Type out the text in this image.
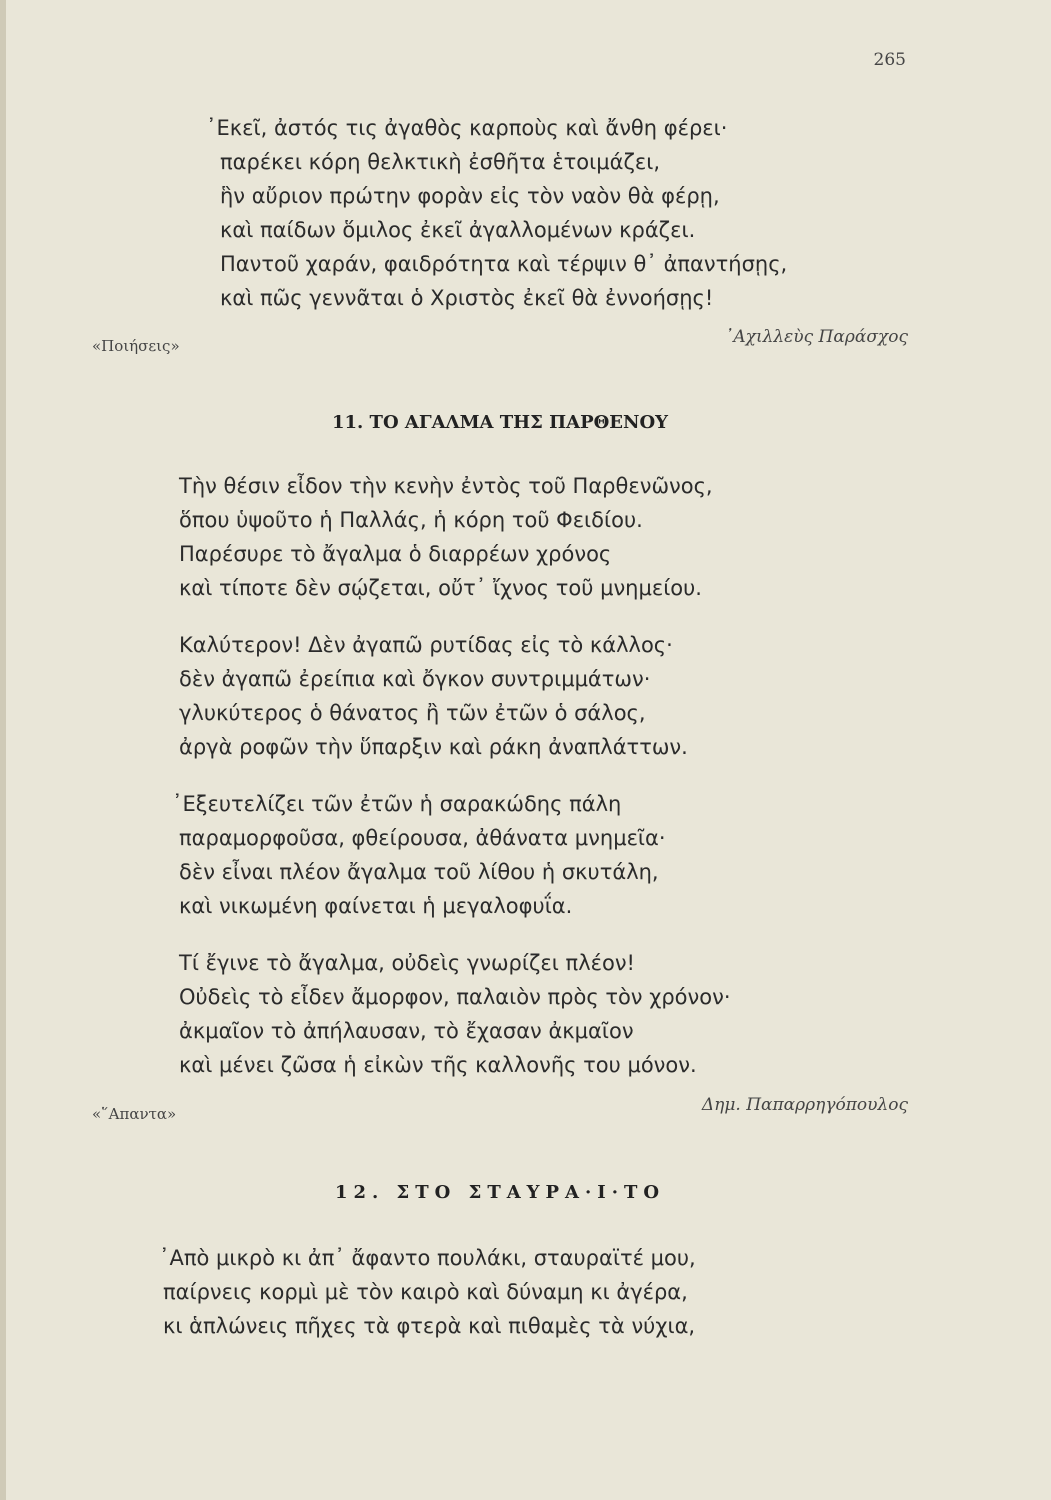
265
᾿Εκεῖ, ἀστός τις ἀγαθὸς καρποὺς καὶ ἄνθη φέρει·
παρέκει κόρη θελκτικὴ ἐσθῆτα ἑτοιμάζει,
ἣν αὔριον πρώτην φορὰν εἰς τὸν ναὸν θὰ φέρῃ,
καὶ παίδων ὅμιλος ἐκεῖ ἀγαλλομένων κράζει.
Παντοῦ χαράν, φαιδρότητα καὶ τέρψιν θ᾿ ἀπαντήσῃς,
καὶ πῶς γεννᾶται ὁ Χριστὸς ἐκεῖ θὰ ἐννοήσῃς!
«Ποιήσεις»	᾿Αχιλλεὺς Παράσχος
11. ΤΟ ΑΓΑΛΜΑ ΤΗΣ ΠΑΡΘΕΝΟΥ
Τὴν θέσιν εἶδον τὴν κενὴν ἐντὸς τοῦ Παρθενῶνος,
ὅπου ὑψοῦτο ἡ Παλλάς, ἡ κόρη τοῦ Φειδίου.
Παρέσυρε τὸ ἄγαλμα ὁ διαρρέων χρόνος
καὶ τίποτε δὲν σῴζεται, οὔτ᾿ ἴχνος τοῦ μνημείου.
Καλύτερον! Δὲν ἀγαπῶ ρυτίδας εἰς τὸ κάλλος·
δὲν ἀγαπῶ ἐρείπια καὶ ὄγκον συντριμμάτων·
γλυκύτερος ὁ θάνατος ἢ τῶν ἐτῶν ὁ σάλος,
ἀργὰ ροφῶν τὴν ὕπαρξιν καὶ ράκη ἀναπλάττων.
᾿Εξευτελίζει τῶν ἐτῶν ἡ σαρακώδης πάλη
παραμορφοῦσα, φθείρουσα, ἀθάνατα μνημεῖα·
δὲν εἶναι πλέον ἄγαλμα τοῦ λίθου ἡ σκυτάλη,
καὶ νικωμένη φαίνεται ἡ μεγαλοφυΐα.
Τί ἔγινε τὸ ἄγαλμα, οὐδεὶς γνωρίζει πλέον!
Οὐδεὶς τὸ εἶδεν ἄμορφον, παλαιὸν πρὸς τὸν χρόνον·
ἀκμαῖον τὸ ἀπήλαυσαν, τὸ ἔχασαν ἀκμαῖον
καὶ μένει ζῶσα ἡ εἰκὼν τῆς καλλονῆς του μόνον.
«῞Απαντα»	Δημ. Παπαρρηγόπουλος
12. ΣΤΟ ΣΤΑΥΡΑ·Ι·ΤΟ
᾿Απὸ μικρὸ κι ἀπ᾿ ἄφαντο πουλάκι, σταυραϊτέ μου,
παίρνεις κορμὶ μὲ τὸν καιρὸ καὶ δύναμη κι ἀγέρα,
κι ἁπλώνεις πῆχες τὰ φτερὰ καὶ πιθαμὲς τὰ νύχια,
